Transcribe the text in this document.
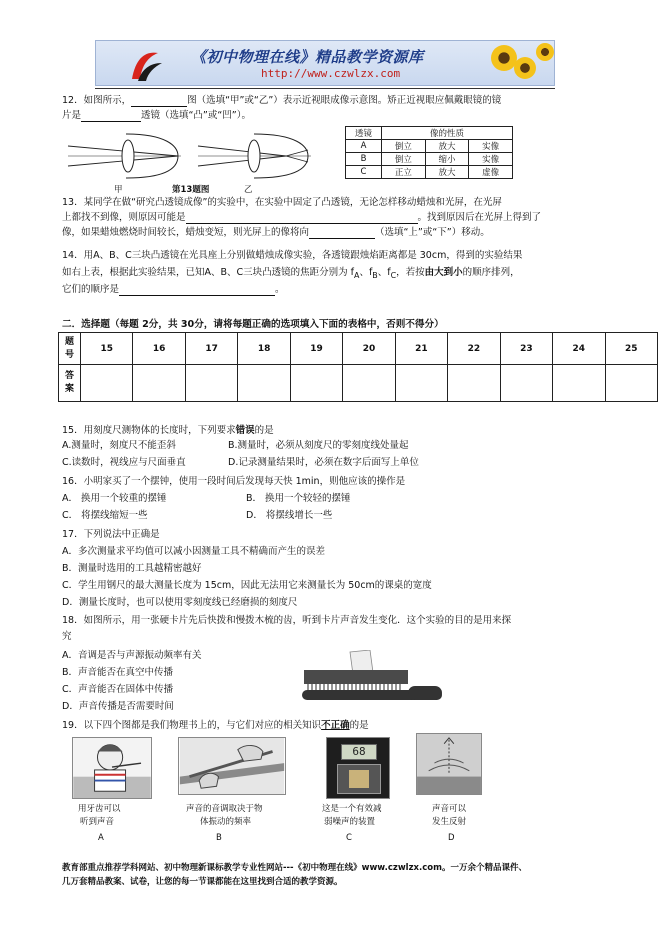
《初中物理在线》精品教学资源库
http://www.czwlzx.com
12．如图所示，	图（选填“甲”或“乙”）表示近视眼成像示意图。矫正近视眼应佩戴眼镜的镜
片是	透镜（选填“凸”或“凹”）。
甲	第13题图	乙
透镜	像的性质		
A	倒立	放大	实像
B	倒立	缩小	实像
C	正立	放大	虚像
13．某同学在做“研究凸透镜成像”的实验中，在实验中固定了凸透镜，无论怎样移动蜡烛和光屏，在光屏
上都找不到像，则原因可能是	。找到原因后在光屏上得到了
像，如果蜡烛燃烧时间较长，蜡烛变短，则光屏上的像将向	（选填“上”或“下”）移动。
14．用A、B、C三块凸透镜在光具座上分别做蜡烛成像实验，各透镜跟烛焰距离都是 30cm，得到的实验结果
如右上表，根据此实验结果，已知A、B、C三块凸透镜的焦距分别为 $f_A$、$f_B$、$f_C$，若按由大到小的顺序排列，
它们的顺序是	。
二．选择题（每题 2分，共 30分，请将每题正确的选项填入下面的表格中，否则不得分）
题
号	15	16	17	18	19	20	21	22	23	24	25
答
案											
15．用刻度尺测物体的长度时，下列要求错误的是
A.测量时，刻度尺不能歪斜	B.测量时，必须从刻度尺的零刻度线处量起
C.读数时，视线应与尺面垂直	D.记录测量结果时，必须在数字后面写上单位
16．小明家买了一个摆钟，使用一段时间后发现每天快 1min，则他应该的操作是
A． 换用一个较重的摆锤	B． 换用一个较轻的摆锤
C． 将摆线缩短一些	D． 将摆线增长一些
17．下列说法中正确是
A．多次测量求平均值可以减小因测量工具不精确而产生的误差
B．测量时选用的工具越精密越好
C．学生用钢尺的最大测量长度为 15cm，因此无法用它来测量长为 50cm的课桌的宽度
D．测量长度时，也可以使用零刻度线已经磨损的刻度尺
18．如图所示，用一张硬卡片先后快拨和慢拨木梳的齿，听到卡片声音发生变化．这个实验的目的是用来探
究
A．音调是否与声源振动频率有关
B．声音能否在真空中传播
C．声音能否在固体中传播
D．声音传播是否需要时间
19．以下四个图都是我们物理书上的，与它们对应的相关知识不正确的是
用牙齿可以
听到声音
A
声音的音调取决于物
体振动的频率
B
68
这是一个有效减
弱噪声的装置
C
声音可以
发生反射
D
教育部重点推荐学科网站、初中物理新课标教学专业性网站---《初中物理在线》www.czwlzx.com。一万余个精品课件、
几万套精品教案、试卷，让您的每一节课都能在这里找到合适的教学资源。
